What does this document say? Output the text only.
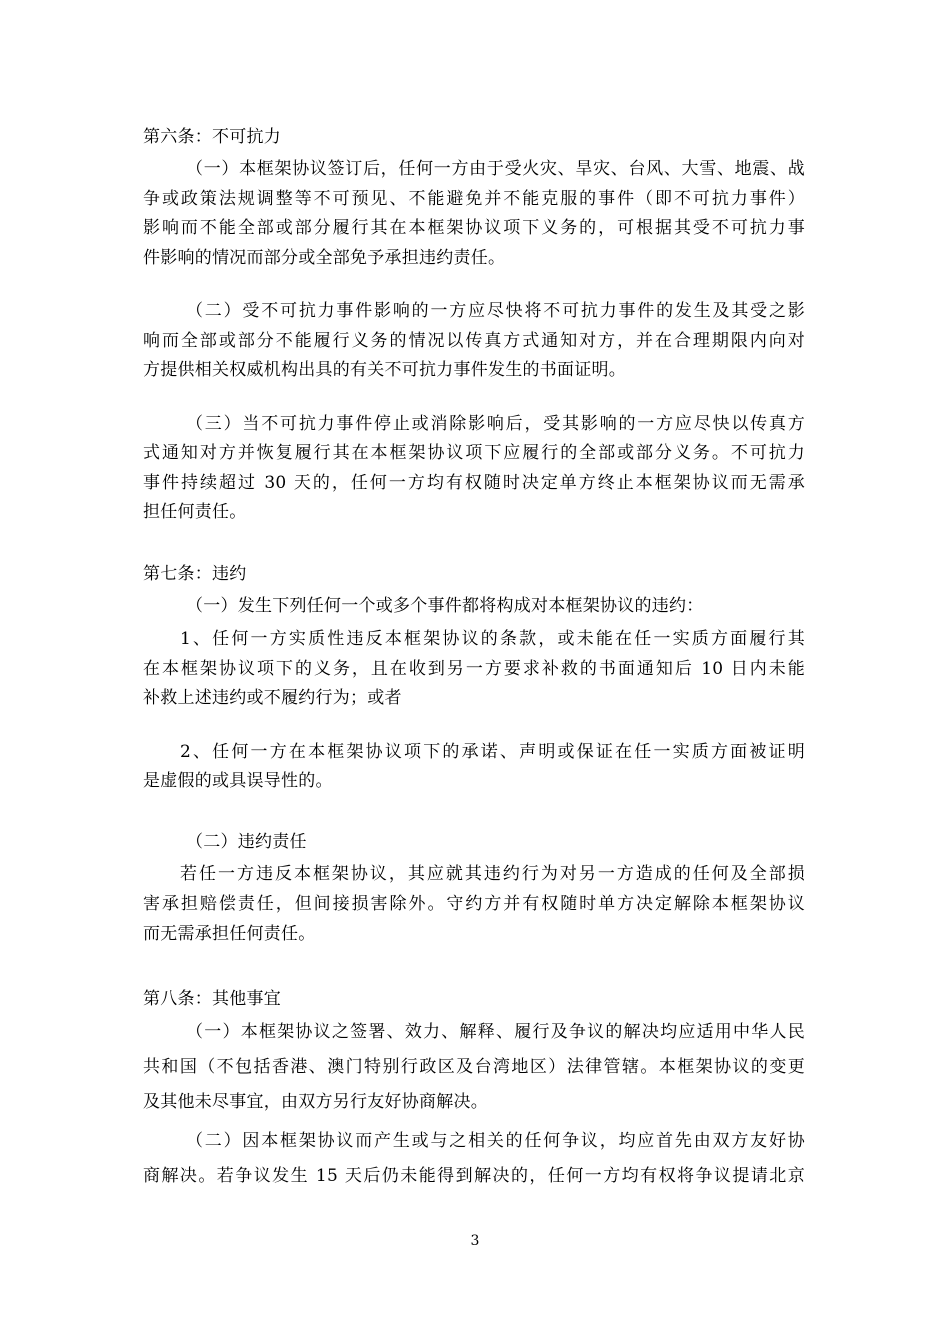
第六条：不可抗力

（一）本框架协议签订后，任何一方由于受火灾、旱灾、台风、大雪、地震、战

争或政策法规调整等不可预见、不能避免并不能克服的事件（即不可抗力事件）

影响而不能全部或部分履行其在本框架协议项下义务的，可根据其受不可抗力事

件影响的情况而部分或全部免予承担违约责任。

（二）受不可抗力事件影响的一方应尽快将不可抗力事件的发生及其受之影

响而全部或部分不能履行义务的情况以传真方式通知对方，并在合理期限内向对

方提供相关权威机构出具的有关不可抗力事件发生的书面证明。

（三）当不可抗力事件停止或消除影响后，受其影响的一方应尽快以传真方

式通知对方并恢复履行其在本框架协议项下应履行的全部或部分义务。不可抗力

事件持续超过 30 天的，任何一方均有权随时决定单方终止本框架协议而无需承

担任何责任。

第七条：违约

（一）发生下列任何一个或多个事件都将构成对本框架协议的违约：

1、任何一方实质性违反本框架协议的条款，或未能在任一实质方面履行其

在本框架协议项下的义务，且在收到另一方要求补救的书面通知后 10 日内未能

补救上述违约或不履约行为；或者

2、任何一方在本框架协议项下的承诺、声明或保证在任一实质方面被证明

是虚假的或具误导性的。

（二）违约责任

若任一方违反本框架协议，其应就其违约行为对另一方造成的任何及全部损

害承担赔偿责任，但间接损害除外。守约方并有权随时单方决定解除本框架协议

而无需承担任何责任。

第八条：其他事宜

（一）本框架协议之签署、效力、解释、履行及争议的解决均应适用中华人民

共和国（不包括香港、澳门特别行政区及台湾地区）法律管辖。本框架协议的变更

及其他未尽事宜，由双方另行友好协商解决。

（二）因本框架协议而产生或与之相关的任何争议，均应首先由双方友好协

商解决。若争议发生 15 天后仍未能得到解决的，任何一方均有权将争议提请北京

3
